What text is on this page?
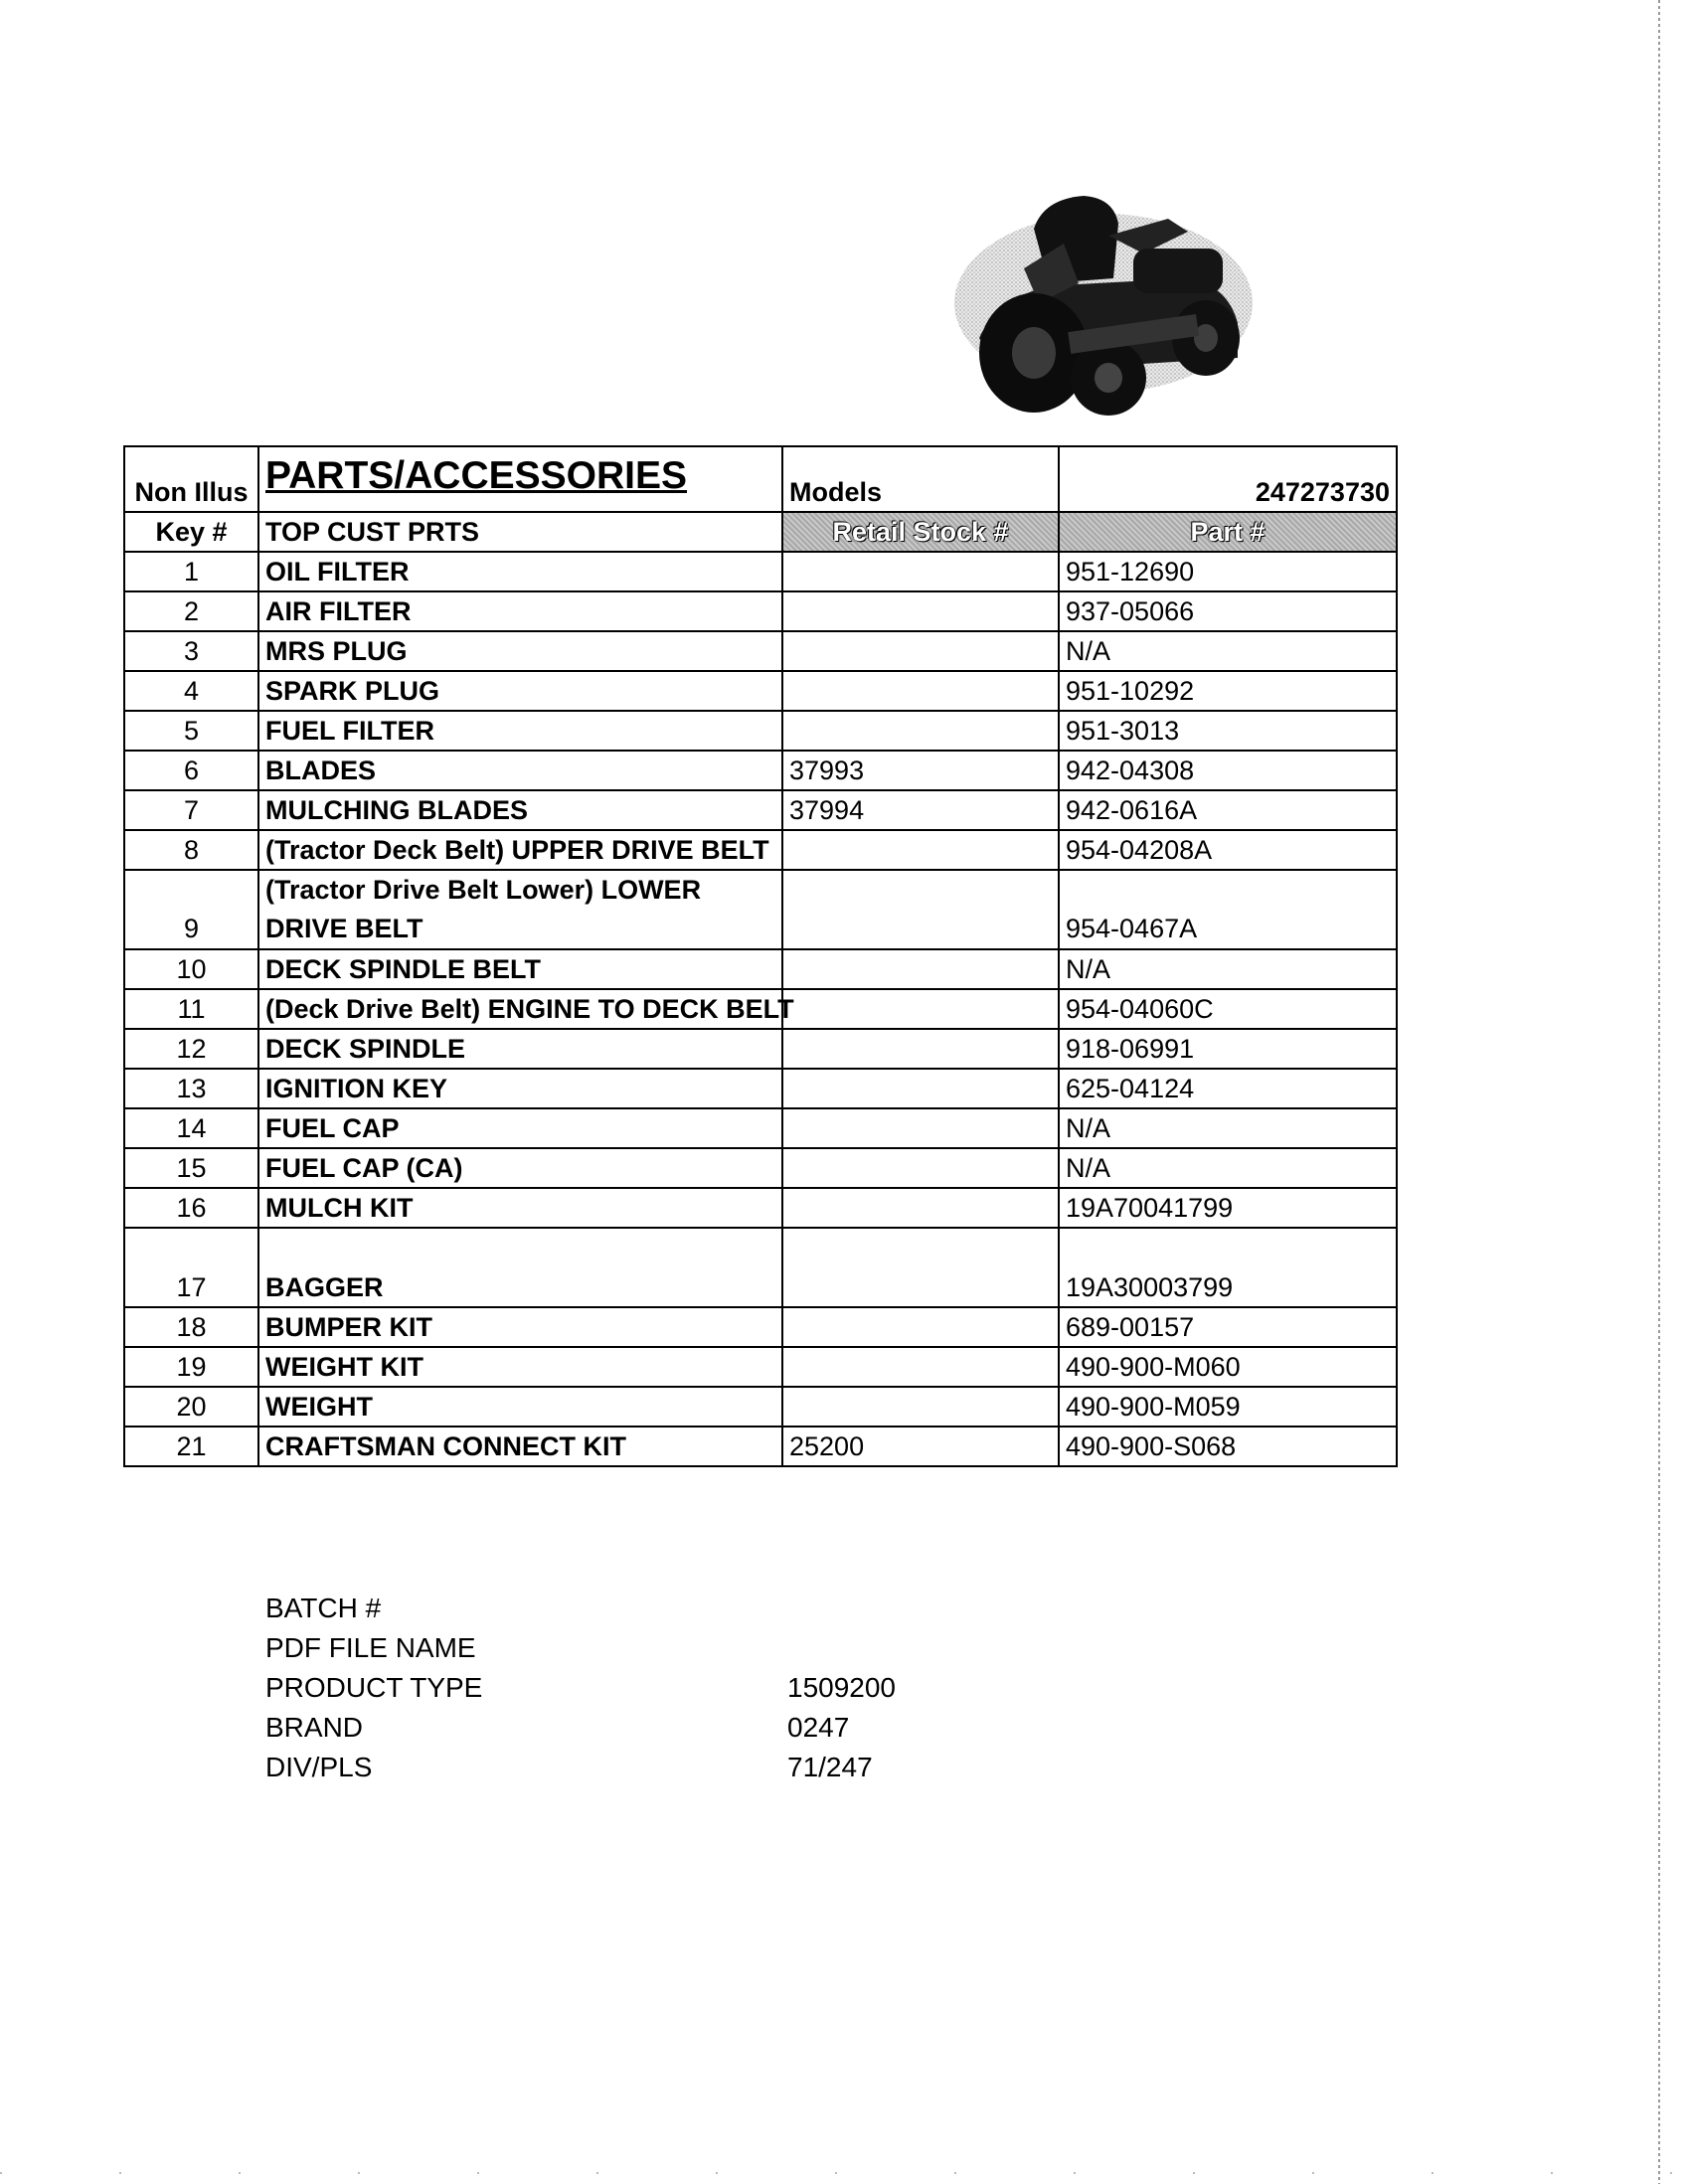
Non Illus	PARTS/ACCESSORIES	Models	247273730
Key #	TOP CUST PRTS	Retail Stock #	Part #
1	OIL FILTER		951-12690
2	AIR FILTER		937-05066
3	MRS PLUG		N/A
4	SPARK PLUG		951-10292
5	FUEL FILTER		951-3013
6	BLADES	37993	942-04308
7	MULCHING BLADES	37994	942-0616A
8	(Tractor Deck Belt) UPPER DRIVE BELT		954-04208A
9	(Tractor Drive Belt Lower) LOWER DRIVE BELT		954-0467A
10	DECK SPINDLE BELT		N/A
11	(Deck Drive Belt) ENGINE TO DECK BELT		954-04060C
12	DECK SPINDLE		918-06991
13	IGNITION KEY		625-04124
14	FUEL CAP		N/A
15	FUEL CAP (CA)		N/A
16	MULCH KIT		19A70041799
17	BAGGER		19A30003799
18	BUMPER KIT		689-00157
19	WEIGHT KIT		490-900-M060
20	WEIGHT		490-900-M059
21	CRAFTSMAN CONNECT KIT	25200	490-900-S068
BATCH #
PDF FILE NAME
PRODUCT TYPE	1509200
BRAND	0247
DIV/PLS	71/247
